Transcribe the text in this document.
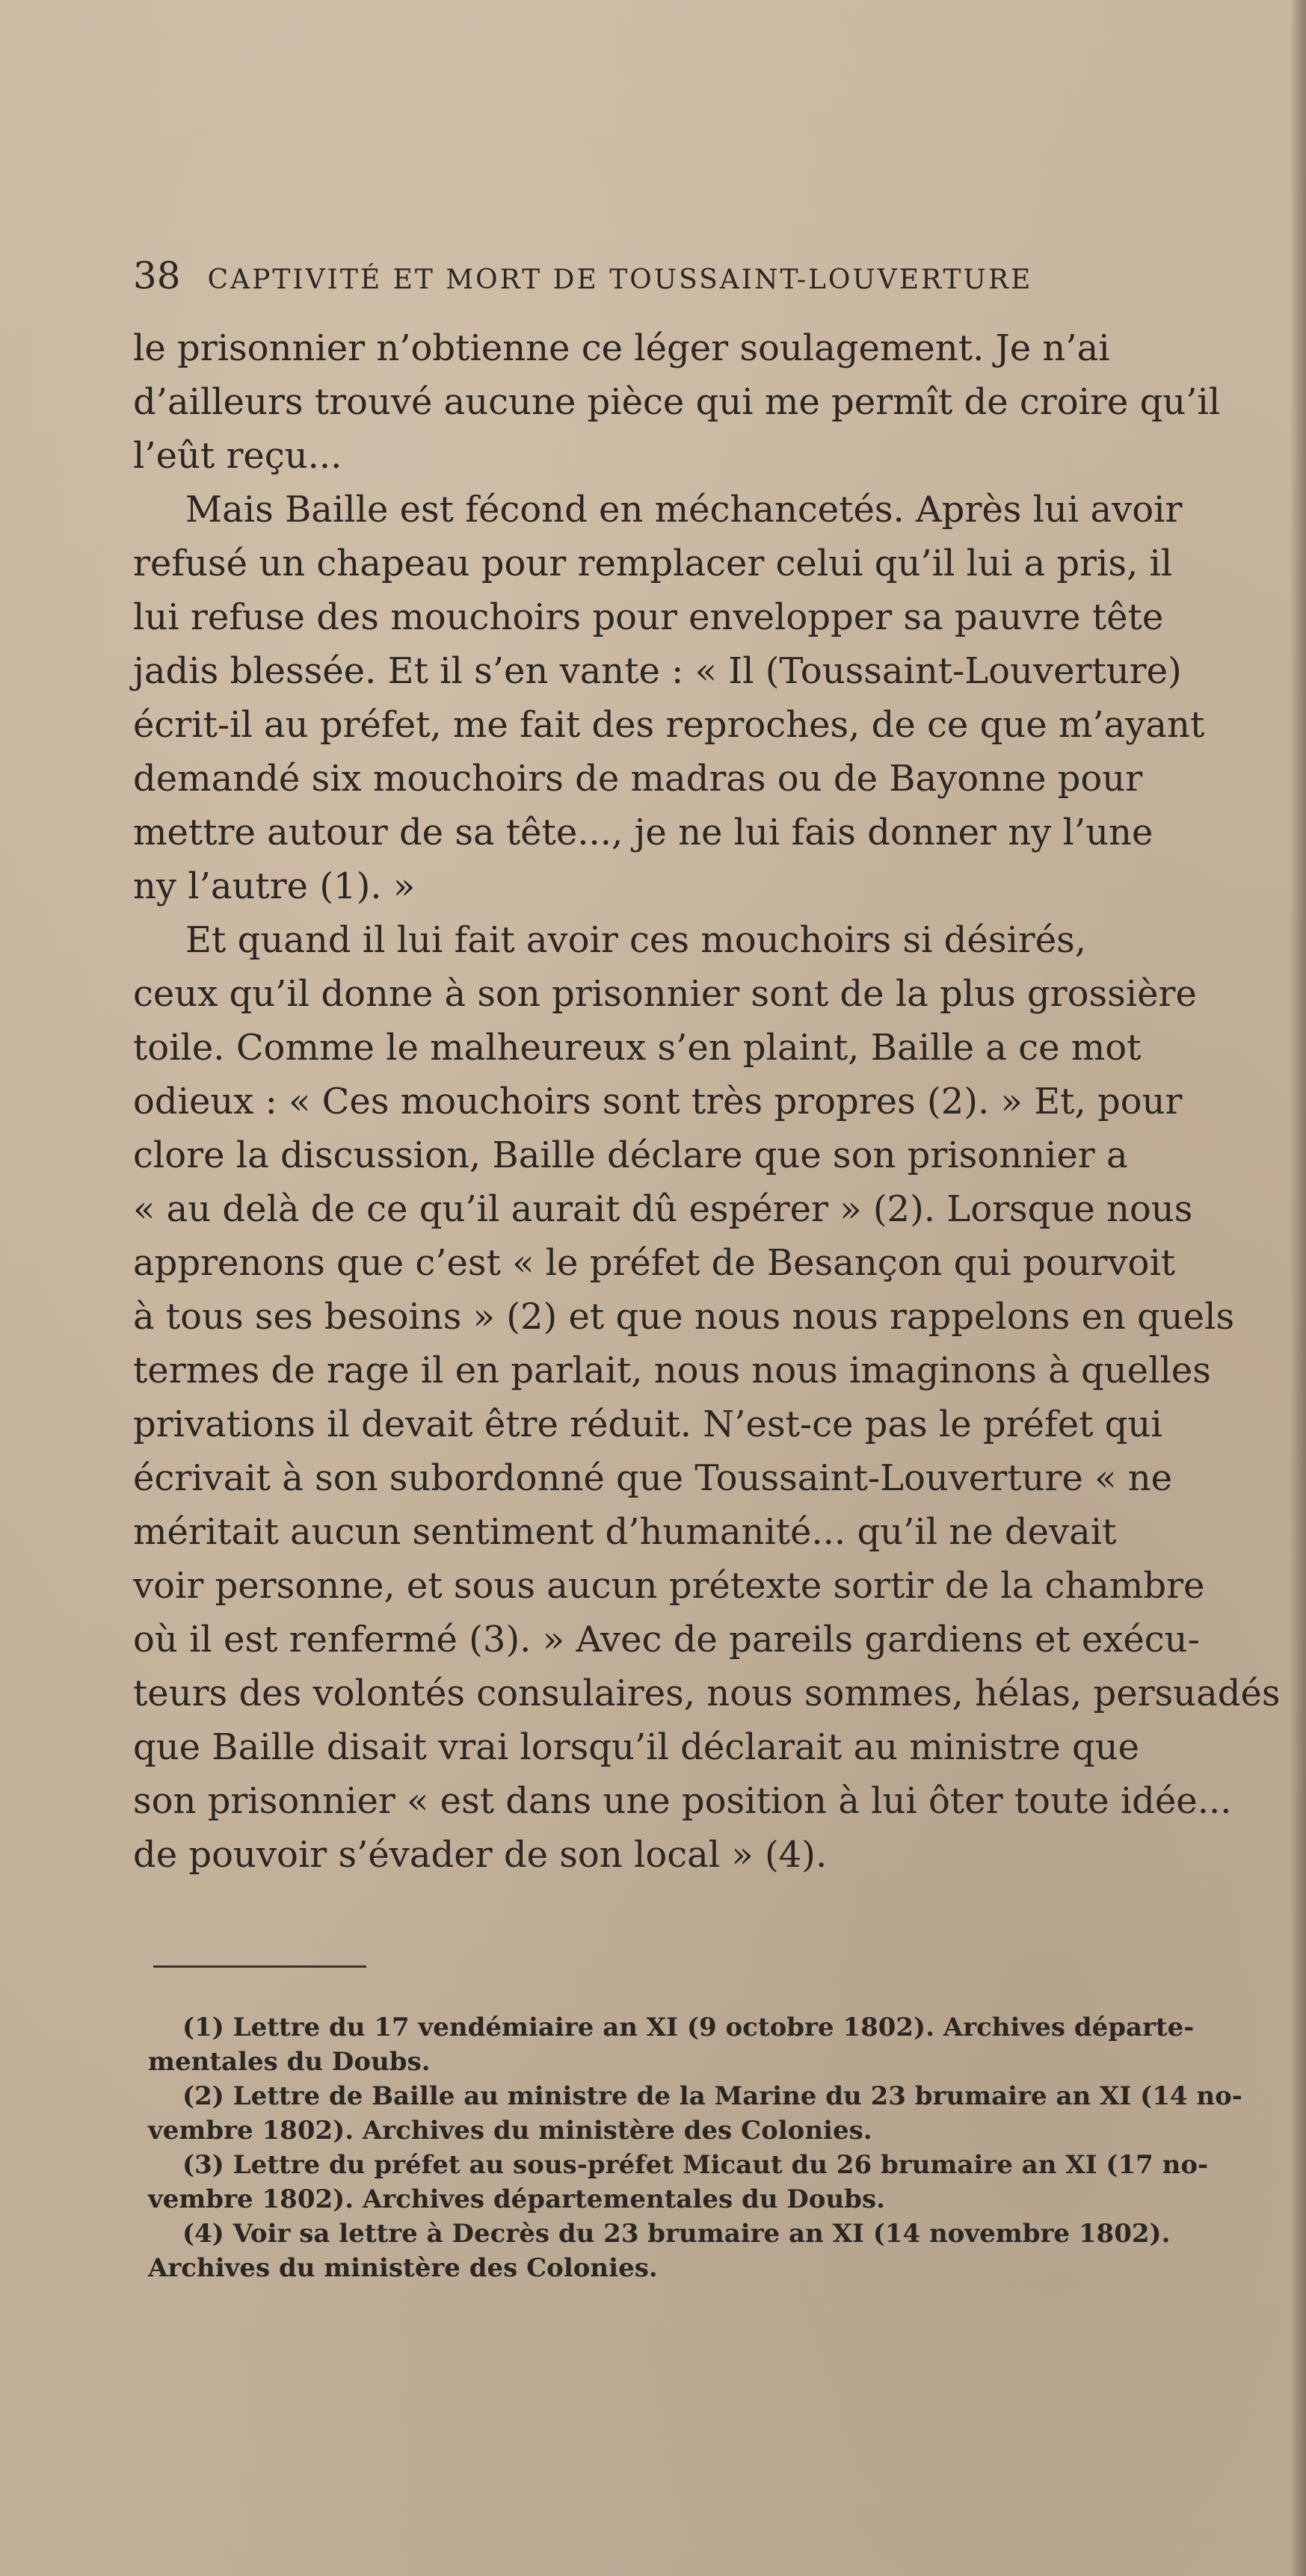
38 CAPTIVITÉ ET MORT DE TOUSSAINT-LOUVERTURE
le prisonnier n’obtienne ce léger soulagement. Je n’ai
d’ailleurs trouvé aucune pièce qui me permît de croire qu’il
l’eût reçu...
Mais Baille est fécond en méchancetés. Après lui avoir
refusé un chapeau pour remplacer celui qu’il lui a pris, il
lui refuse des mouchoirs pour envelopper sa pauvre tête
jadis blessée. Et il s’en vante : « Il (Toussaint-Louverture)
écrit-il au préfet, me fait des reproches, de ce que m’ayant
demandé six mouchoirs de madras ou de Bayonne pour
mettre autour de sa tête..., je ne lui fais donner ny l’une
ny l’autre (1). »
Et quand il lui fait avoir ces mouchoirs si désirés,
ceux qu’il donne à son prisonnier sont de la plus grossière
toile. Comme le malheureux s’en plaint, Baille a ce mot
odieux : « Ces mouchoirs sont très propres (2). » Et, pour
clore la discussion, Baille déclare que son prisonnier a
« au delà de ce qu’il aurait dû espérer » (2). Lorsque nous
apprenons que c’est « le préfet de Besançon qui pourvoit
à tous ses besoins » (2) et que nous nous rappelons en quels
termes de rage il en parlait, nous nous imaginons à quelles
privations il devait être réduit. N’est-ce pas le préfet qui
écrivait à son subordonné que Toussaint-Louverture « ne
méritait aucun sentiment d’humanité... qu’il ne devait
voir personne, et sous aucun prétexte sortir de la chambre
où il est renfermé (3). » Avec de pareils gardiens et exécu-
teurs des volontés consulaires, nous sommes, hélas, persuadés
que Baille disait vrai lorsqu’il déclarait au ministre que
son prisonnier « est dans une position à lui ôter toute idée...
de pouvoir s’évader de son local » (4).
(1) Lettre du 17 vendémiaire an XI (9 octobre 1802). Archives départe-
mentales du Doubs.
(2) Lettre de Baille au ministre de la Marine du 23 brumaire an XI (14 no-
vembre 1802). Archives du ministère des Colonies.
(3) Lettre du préfet au sous-préfet Micaut du 26 brumaire an XI (17 no-
vembre 1802). Archives départementales du Doubs.
(4) Voir sa lettre à Decrès du 23 brumaire an XI (14 novembre 1802).
Archives du ministère des Colonies.
